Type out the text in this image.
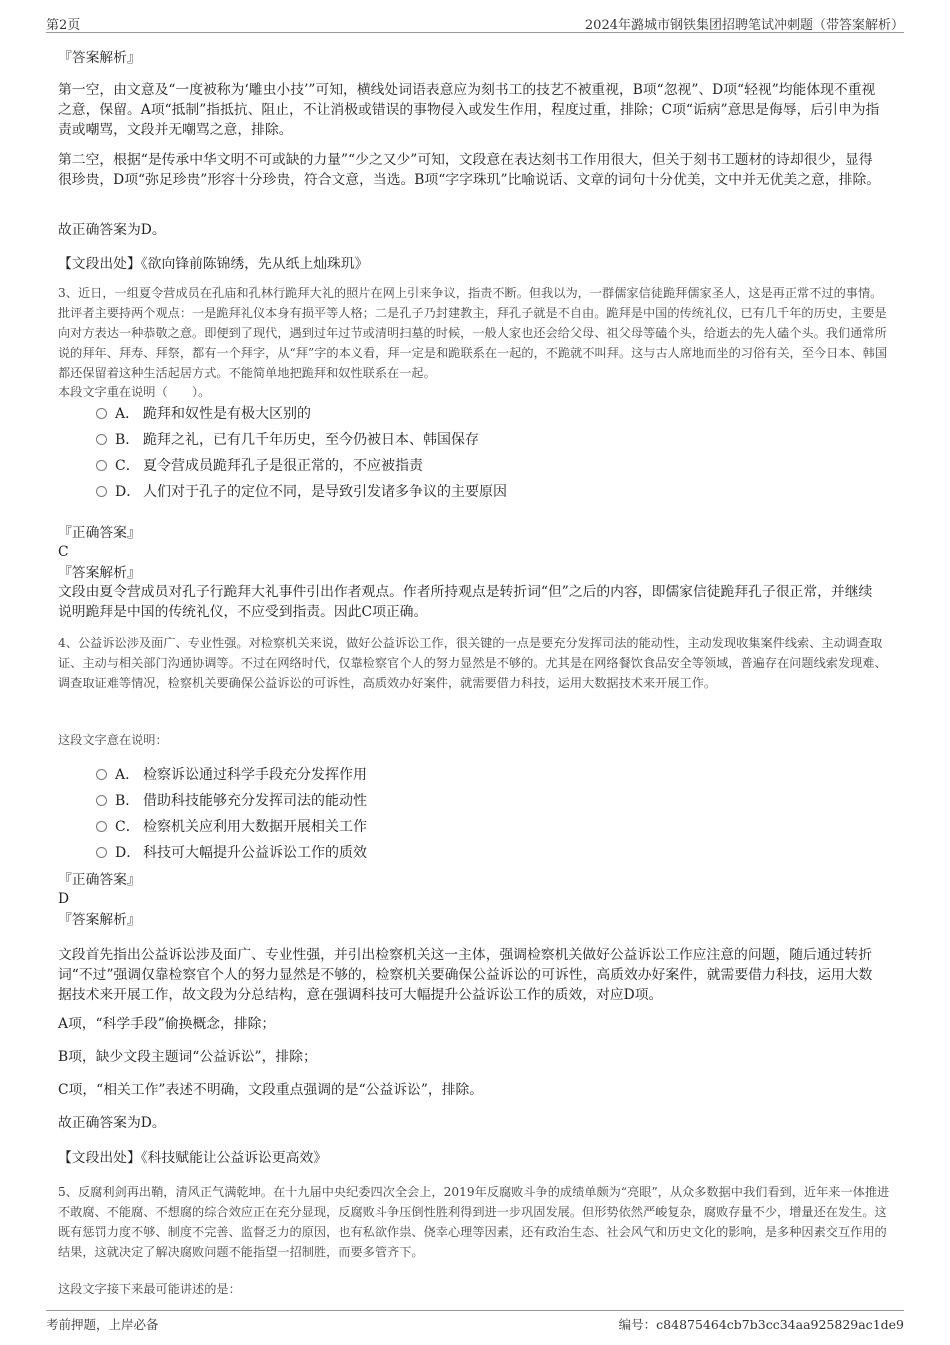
第2页	2024年潞城市钢铁集团招聘笔试冲刺题（带答案解析）
『答案解析』

第一空，由文意及“一度被称为‘雕虫小技’”可知，横线处词语表意应为刻书工的技艺不被重视，B项“忽视”、D项“轻视”均能体现不重视之意，保留。A项“抵制”指抵抗、阻止，不让消极或错误的事物侵入或发生作用，程度过重，排除；C项“诟病”意思是侮辱，后引申为指责或嘲骂，文段并无嘲骂之意，排除。

第二空，根据“是传承中华文明不可或缺的力量”“少之又少”可知，文段意在表达刻书工作用很大，但关于刻书工题材的诗却很少，显得很珍贵，D项“弥足珍贵”形容十分珍贵，符合文意，当选。B项“字字珠玑”比喻说话、文章的词句十分优美，文中并无优美之意，排除。

故正确答案为D。
【文段出处】《欲向锋前陈锦绣，先从纸上灿珠玑》

3、近日，一组夏令营成员在孔庙和孔林行跪拜大礼的照片在网上引来争议，指责不断。但我以为，一群儒家信徒跪拜儒家圣人，这是再正常不过的事情。批评者主要持两个观点：一是跪拜礼仪本身有损平等人格；二是孔子乃封建教主，拜孔子就是不自由。跪拜是中国的传统礼仪，已有几千年的历史，主要是向对方表达一种恭敬之意。即便到了现代，遇到过年过节或清明扫墓的时候，一般人家也还会给父母、祖父母等磕个头，给逝去的先人磕个头。我们通常所说的拜年、拜寿、拜祭，都有一个拜字，从“拜”字的本义看，拜一定是和跪联系在一起的，不跪就不叫拜。这与古人席地而坐的习俗有关，至今日本、韩国都还保留着这种生活起居方式。不能简单地把跪拜和奴性联系在一起。

本段文字重在说明（　　）。
A． 跪拜和奴性是有极大区别的
B． 跪拜之礼，已有几千年历史，至今仍被日本、韩国保存
C． 夏令营成员跪拜孔子是很正常的，不应被指责
D． 人们对于孔子的定位不同，是导致引发诸多争议的主要原因
『正确答案』
C
『答案解析』

文段由夏令营成员对孔子行跪拜大礼事件引出作者观点。作者所持观点是转折词“但”之后的内容，即儒家信徒跪拜孔子很正常，并继续说明跪拜是中国的传统礼仪，不应受到指责。因此C项正确。

4、公益诉讼涉及面广、专业性强。对检察机关来说，做好公益诉讼工作，很关键的一点是要充分发挥司法的能动性，主动发现收集案件线索、主动调查取证、主动与相关部门沟通协调等。不过在网络时代，仅靠检察官个人的努力显然是不够的。尤其是在网络餐饮食品安全等领域，普遍存在问题线索发现难、调查取证难等情况，检察机关要确保公益诉讼的可诉性，高质效办好案件，就需要借力科技，运用大数据技术来开展工作。

这段文字意在说明：
A． 检察诉讼通过科学手段充分发挥作用
B． 借助科技能够充分发挥司法的能动性
C． 检察机关应利用大数据开展相关工作
D． 科技可大幅提升公益诉讼工作的质效
『正确答案』
D
『答案解析』

文段首先指出公益诉讼涉及面广、专业性强，并引出检察机关这一主体，强调检察机关做好公益诉讼工作应注意的问题，随后通过转折词“不过”强调仅靠检察官个人的努力显然是不够的，检察机关要确保公益诉讼的可诉性，高质效办好案件，就需要借力科技，运用大数据技术来开展工作，故文段为分总结构，意在强调科技可大幅提升公益诉讼工作的质效，对应D项。

A项，“科学手段”偷换概念，排除；
B项，缺少文段主题词“公益诉讼”，排除；
C项，“相关工作”表述不明确，文段重点强调的是“公益诉讼”，排除。
故正确答案为D。
【文段出处】《科技赋能让公益诉讼更高效》

5、反腐利剑再出鞘，清风正气满乾坤。在十九届中央纪委四次全会上，2019年反腐败斗争的成绩单颇为“亮眼”，从众多数据中我们看到，近年来一体推进不敢腐、不能腐、不想腐的综合效应正在充分显现，反腐败斗争压倒性胜利得到进一步巩固发展。但形势依然严峻复杂，腐败存量不少，增量还在发生。这既有惩罚力度不够、制度不完善、监督乏力的原因，也有私欲作祟、侥幸心理等因素，还有政治生态、社会风气和历史文化的影响，是多种因素交互作用的结果，这就决定了解决腐败问题不能指望一招制胜，而要多管齐下。

这段文字接下来最可能讲述的是：
考前押题，上岸必备	编号：c84875464cb7b3cc34aa925829ac1de9
